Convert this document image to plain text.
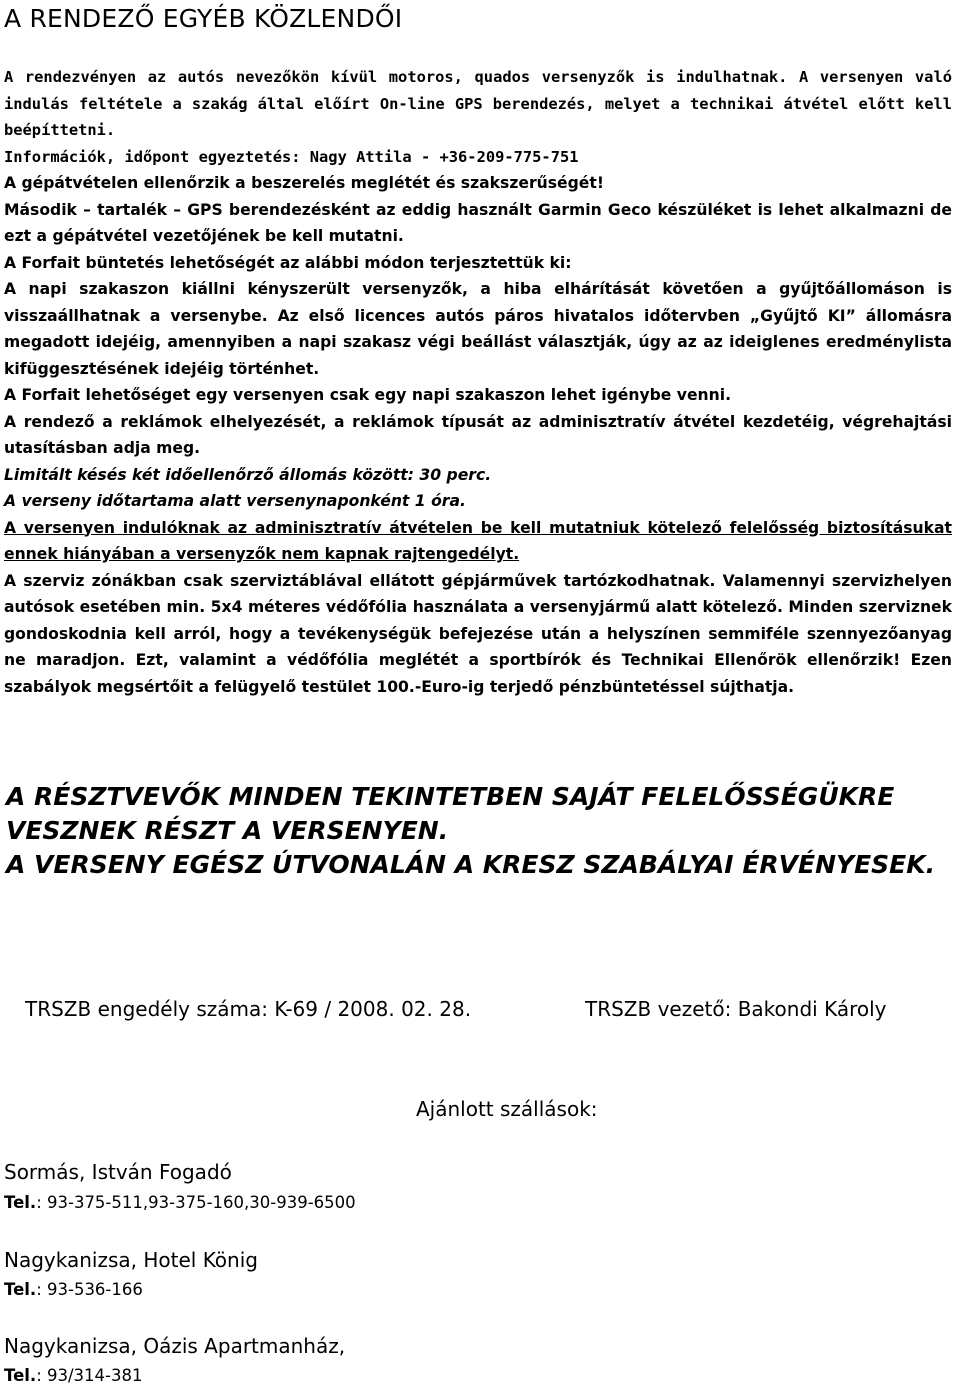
A RENDEZŐ EGYÉB KÖZLENDŐI

A rendezvényen az autós nevezőkön kívül motoros, quados versenyzők is indulhatnak. A versenyen való indulás feltétele a szakág által előírt On-line GPS berendezés, melyet a technikai átvétel előtt kell beépíttetni.

Információk, időpont egyeztetés: Nagy Attila - +36-209-775-751

A gépátvételen ellenőrzik a beszerelés meglétét és szakszerűségét!

Második – tartalék – GPS berendezésként az eddig használt Garmin Geco készüléket is lehet alkalmazni de ezt a gépátvétel vezetőjének be kell mutatni.

A Forfait büntetés lehetőségét az alábbi módon terjesztettük ki:

A napi szakaszon kiállni kényszerült versenyzők, a hiba elhárítását követően a gyűjtőállomáson is visszaállhatnak a versenybe. Az első licences autós páros hivatalos időtervben „Gyűjtő KI” állomásra megadott idejéig, amennyiben a napi szakasz végi beállást választják, úgy az az ideiglenes eredménylista kifüggesztésének idejéig történhet.

A Forfait lehetőséget egy versenyen csak egy napi szakaszon lehet igénybe venni.

A rendező a reklámok elhelyezését, a reklámok típusát az adminisztratív átvétel kezdetéig, végrehajtási utasításban adja meg.

Limitált késés két időellenőrző állomás között: 30 perc.

A verseny időtartama alatt versenynaponként 1 óra.

A versenyen indulóknak az adminisztratív átvételen be kell mutatniuk kötelező felelősség biztosításukat ennek hiányában a versenyzők nem kapnak rajtengedélyt.

A szerviz zónákban csak szerviztáblával ellátott gépjárművek tartózkodhatnak. Valamennyi szervizhelyen autósok esetében min. 5x4 méteres védőfólia használata a versenyjármű alatt kötelező. Minden szerviznek gondoskodnia kell arról, hogy a tevékenységük befejezése után a helyszínen semmiféle szennyezőanyag ne maradjon. Ezt, valamint a védőfólia meglétét a sportbírók és Technikai Ellenőrök ellenőrzik! Ezen szabályok megsértőit a felügyelő testület 100.-Euro-ig terjedő pénzbüntetéssel sújthatja.

A RÉSZTVEVŐK MINDEN TEKINTETBEN SAJÁT FELELŐSSÉGÜKRE
VESZNEK RÉSZT A VERSENYEN.
A VERSENY EGÉSZ ÚTVONALÁN A KRESZ SZABÁLYAI ÉRVÉNYESEK.
TRSZB engedély száma: K-69 / 2008. 02. 28.	TRSZB vezető: Bakondi Károly
Ajánlott szállások:
Sormás, István Fogadó
Tel.: 93-375-511,93-375-160,30-939-6500
Nagykanizsa, Hotel König
Tel.: 93-536-166
Nagykanizsa, Oázis Apartmanház,
Tel.: 93/314-381
